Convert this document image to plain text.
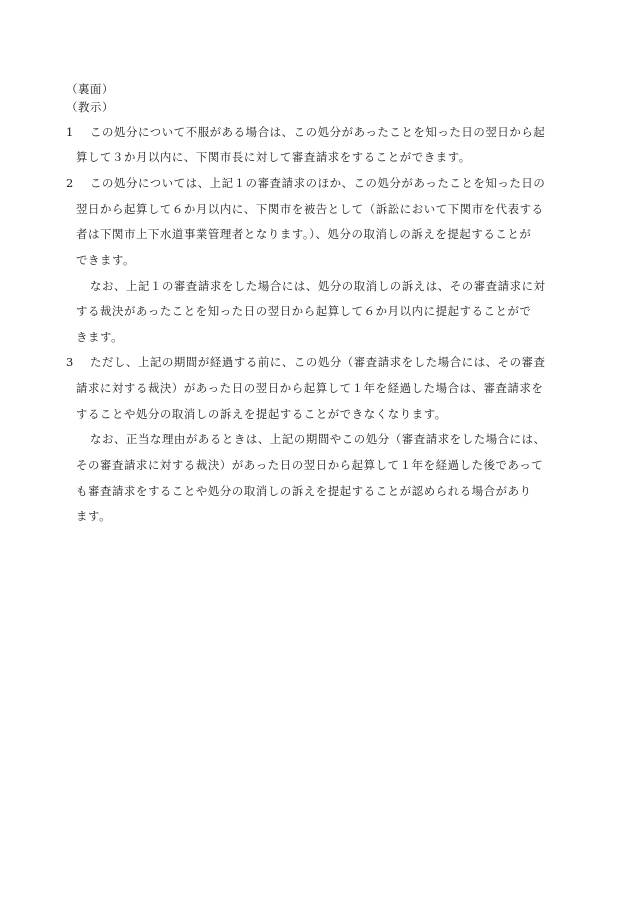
（裏面）
（教示）
1 この処分について不服がある場合は、この処分があったことを知った日の翌日から起
算して３か月以内に、下関市長に対して審査請求をすることができます。
2 この処分については、上記１の審査請求のほか、この処分があったことを知った日の
翌日から起算して６か月以内に、下関市を被告として（訴訟において下関市を代表する
者は下関市上下水道事業管理者となります。）、処分の取消しの訴えを提起することが
できます。
なお、上記１の審査請求をした場合には、処分の取消しの訴えは、その審査請求に対
する裁決があったことを知った日の翌日から起算して６か月以内に提起することがで
きます。
3 ただし、上記の期間が経過する前に、この処分（審査請求をした場合には、その審査
請求に対する裁決）があった日の翌日から起算して１年を経過した場合は、審査請求を
することや処分の取消しの訴えを提起することができなくなります。
なお、正当な理由があるときは、上記の期間やこの処分（審査請求をした場合には、
その審査請求に対する裁決）があった日の翌日から起算して１年を経過した後であって
も審査請求をすることや処分の取消しの訴えを提起することが認められる場合があり
ます。
